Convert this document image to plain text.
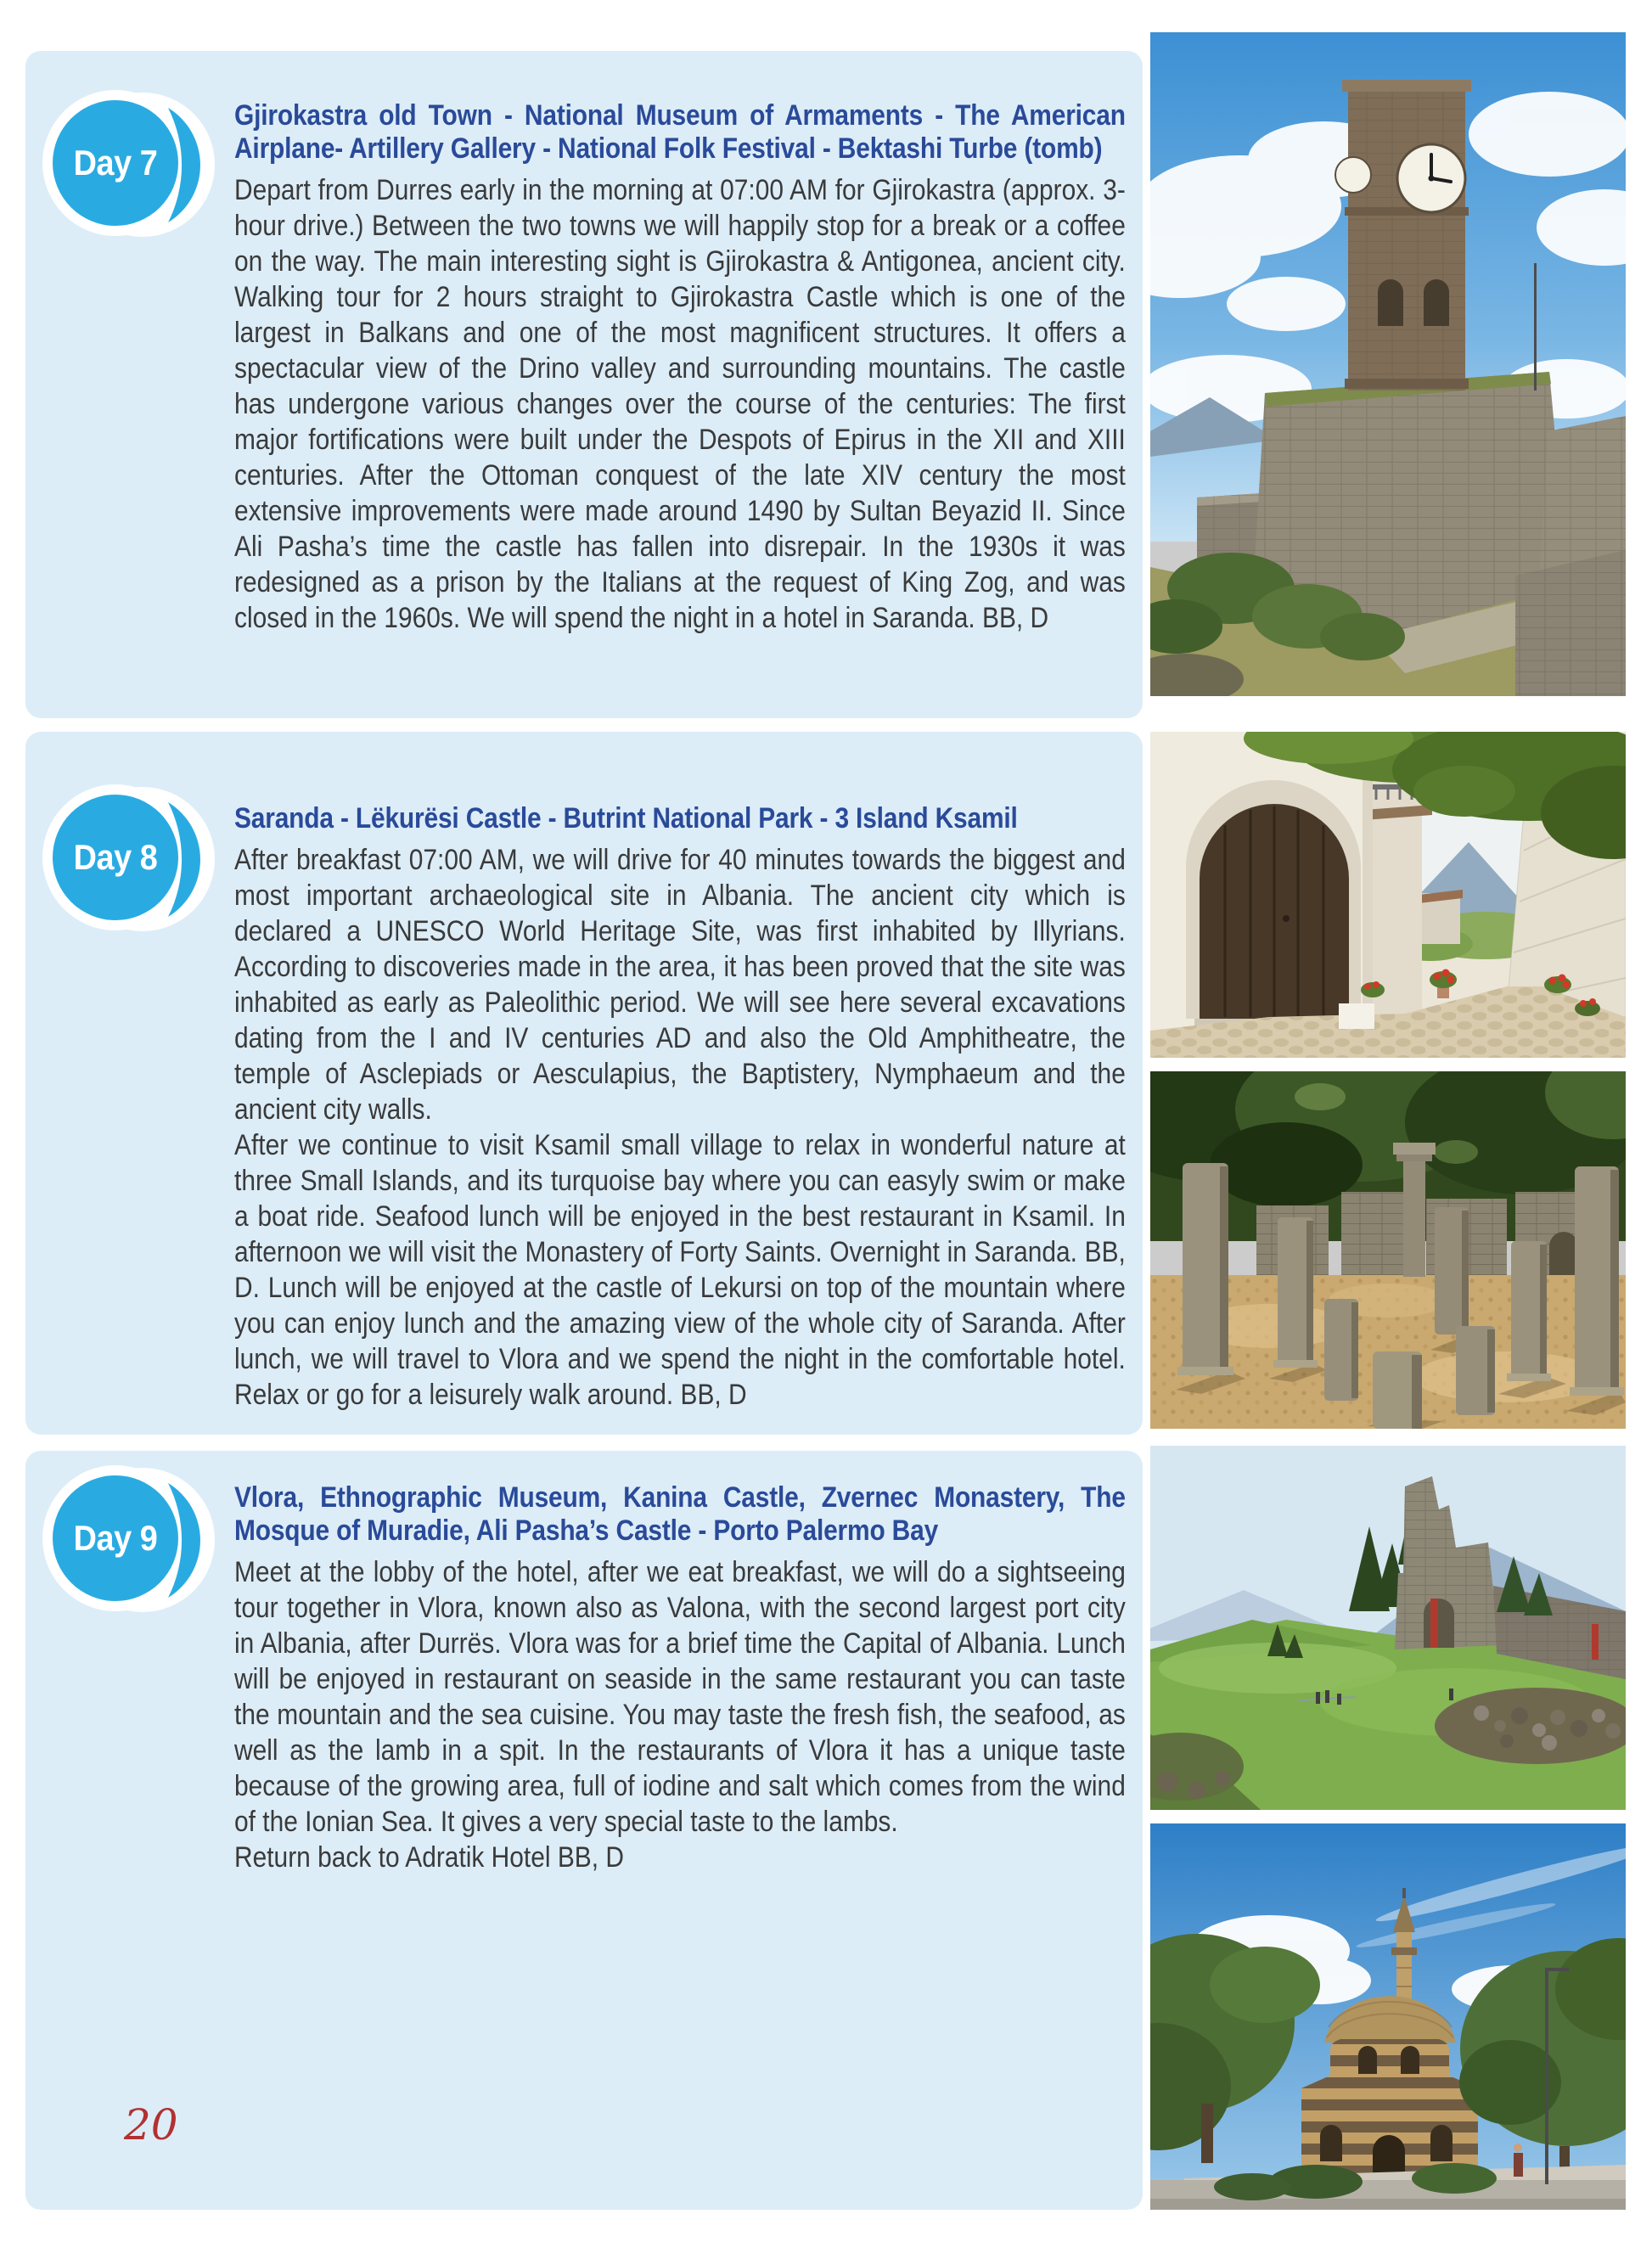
Day 7
Gjirokastra old Town - National Museum of Armaments - The American Airplane- Artillery Gallery - National Folk Festival - Bektashi Turbe (tomb)

Depart from Durres early in the morning at 07:00 AM for Gjirokastra (approx. 3-hour drive.) Between the two towns we will happily stop for a break or a coffee on the way. The main interesting sight is Gjirokastra & Antigonea, ancient city. Walking tour for 2 hours straight to Gjirokastra Castle which is one of the largest in Balkans and one of the most magnificent structures. It offers a spectacular view of the Drino valley and surrounding mountains. The castle has undergone various changes over the course of the centuries: The first major fortifications were built under the Despots of Epirus in the XII and XIII centuries. After the Ottoman conquest of the late XIV century the most extensive improvements were made around 1490 by Sultan Beyazid II. Since Ali Pasha’s time the castle has fallen into disrepair. In the 1930s it was redesigned as a prison by the Italians at the request of King Zog, and was closed in the 1960s. We will spend the night in a hotel in Saranda. BB, D

Day 8
Saranda - Lëkurësi Castle - Butrint National Park - 3 Island Ksamil

After breakfast 07:00 AM, we will drive for 40 minutes towards the biggest and most important archaeological site in Albania. The ancient city which is declared a UNESCO World Heritage Site, was first inhabited by Illyrians. According to discoveries made in the area, it has been proved that the site was inhabited as early as Paleolithic period. We will see here several excavations dating from the I and IV centuries AD and also the Old Amphitheatre, the temple of Asclepiads or Aesculapius, the Baptistery, Nymphaeum and the ancient city walls.

After we continue to visit Ksamil small village to relax in wonderful nature at three Small Islands, and its turquoise bay where you can easyly swim or make a boat ride. Seafood lunch will be enjoyed in the best restaurant in Ksamil. In afternoon we will visit the Monastery of Forty Saints. Overnight in Saranda. BB, D. Lunch will be enjoyed at the castle of Lekursi on top of the mountain where you can enjoy lunch and the amazing view of the whole city of Saranda. After lunch, we will travel to Vlora and we spend the night in the comfortable hotel. Relax or go for a leisurely walk around. BB, D

Day 9
Vlora, Ethnographic Museum, Kanina Castle, Zvernec Monastery, The Mosque of Muradie, Ali Pasha’s Castle - Porto Palermo Bay

Meet at the lobby of the hotel, after we eat breakfast, we will do a sightseeing tour together in Vlora, known also as Valona, with the second largest port city in Albania, after Durrës. Vlora was for a brief time the Capital of Albania. Lunch will be enjoyed in restaurant on seaside in the same restaurant you can taste the mountain and the sea cuisine. You may taste the fresh fish, the seafood, as well as the lamb in a spit. In the restaurants of Vlora it has a unique taste because of the growing area, full of iodine and salt which comes from the wind of the Ionian Sea. It gives a very special taste to the lambs.

Return back to Adratik Hotel BB, D

20
